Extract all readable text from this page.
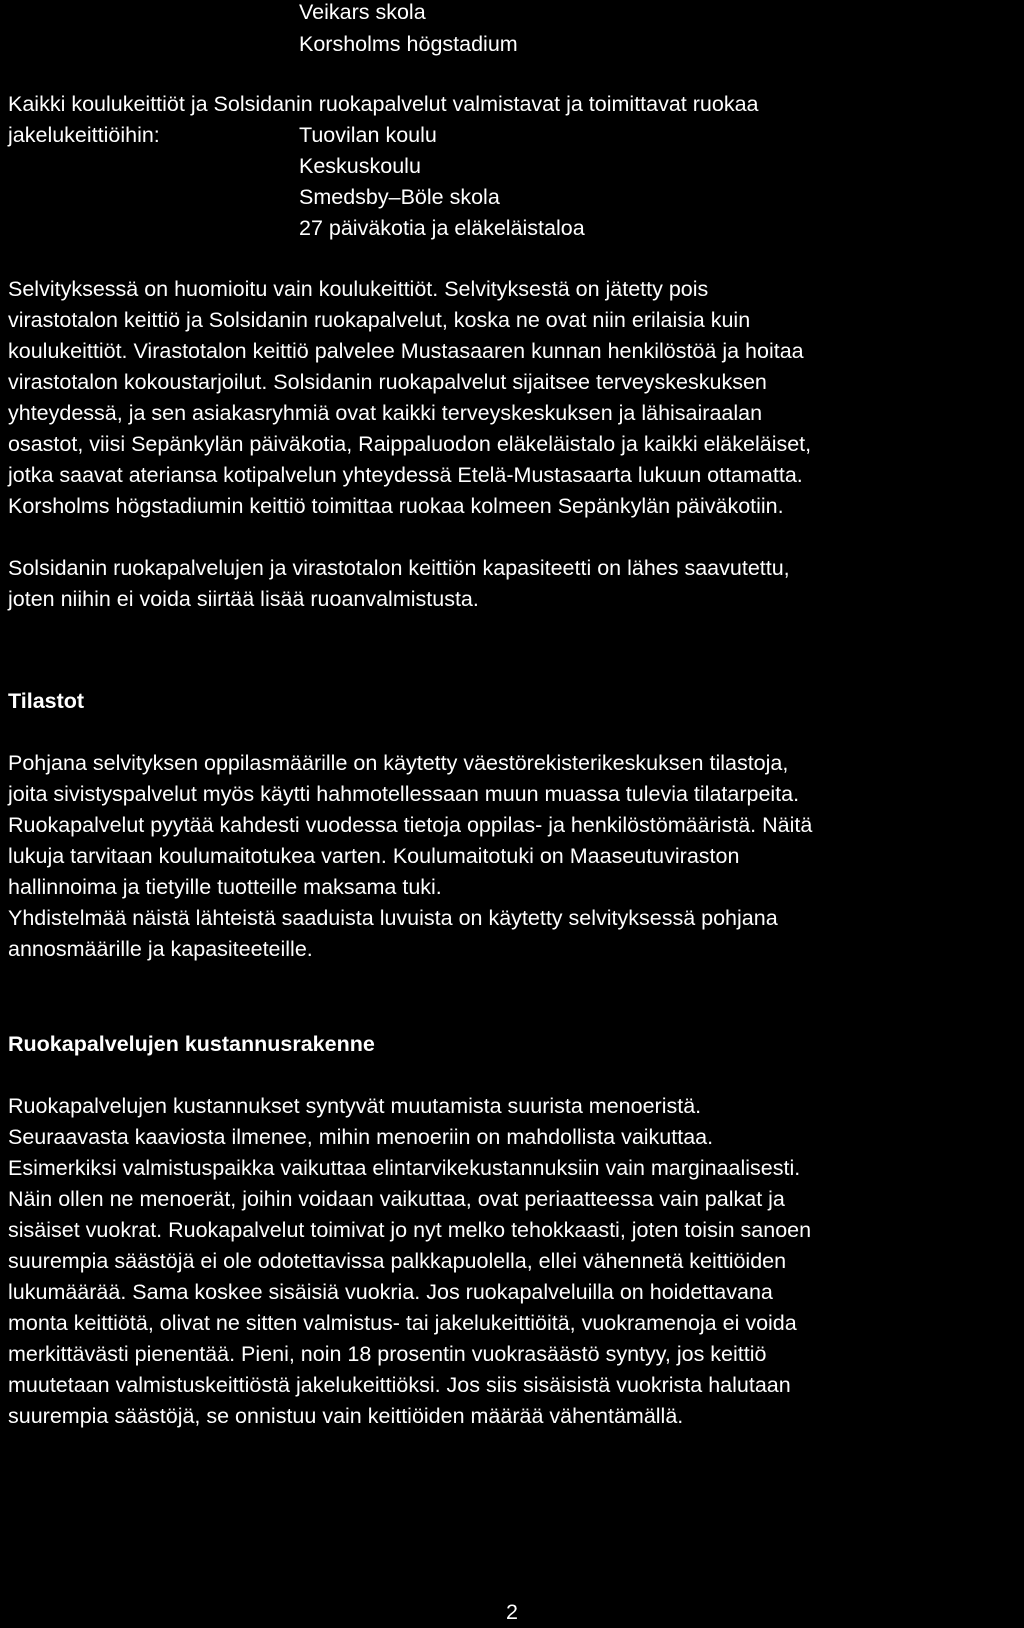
Veikars skola
Korsholms högstadium
Kaikki koulukeittiöt ja Solsidanin ruokapalvelut valmistavat ja toimittavat ruokaa
jakelukeittiöihin:	Tuovilan koulu
Keskuskoulu
Smedsby–Böle skola
27 päiväkotia ja eläkeläistaloa
Selvityksessä on huomioitu vain koulukeittiöt. Selvityksestä on jätetty pois
virastotalon keittiö ja Solsidanin ruokapalvelut, koska ne ovat niin erilaisia kuin
koulukeittiöt. Virastotalon keittiö palvelee Mustasaaren kunnan henkilöstöä ja hoitaa
virastotalon kokoustarjoilut. Solsidanin ruokapalvelut sijaitsee terveyskeskuksen
yhteydessä, ja sen asiakasryhmiä ovat kaikki terveyskeskuksen ja lähisairaalan
osastot, viisi Sepänkylän päiväkotia, Raippaluodon eläkeläistalo ja kaikki eläkeläiset,
jotka saavat ateriansa kotipalvelun yhteydessä Etelä-Mustasaarta lukuun ottamatta.
Korsholms högstadiumin keittiö toimittaa ruokaa kolmeen Sepänkylän päiväkotiin.
Solsidanin ruokapalvelujen ja virastotalon keittiön kapasiteetti on lähes saavutettu,
joten niihin ei voida siirtää lisää ruoanvalmistusta.
Tilastot
Pohjana selvityksen oppilasmäärille on käytetty väestörekisterikeskuksen tilastoja,
joita sivistyspalvelut myös käytti hahmotellessaan muun muassa tulevia tilatarpeita.
Ruokapalvelut pyytää kahdesti vuodessa tietoja oppilas- ja henkilöstömääristä. Näitä
lukuja tarvitaan koulumaitotukea varten. Koulumaitotuki on Maaseutuviraston
hallinnoima ja tietyille tuotteille maksama tuki.
Yhdistelmää näistä lähteistä saaduista luvuista on käytetty selvityksessä pohjana
annosmäärille ja kapasiteeteille.
Ruokapalvelujen kustannusrakenne
Ruokapalvelujen kustannukset syntyvät muutamista suurista menoeristä.
Seuraavasta kaaviosta ilmenee, mihin menoeriin on mahdollista vaikuttaa.
Esimerkiksi valmistuspaikka vaikuttaa elintarvikekustannuksiin vain marginaalisesti.
Näin ollen ne menoerät, joihin voidaan vaikuttaa, ovat periaatteessa vain palkat ja
sisäiset vuokrat. Ruokapalvelut toimivat jo nyt melko tehokkaasti, joten toisin sanoen
suurempia säästöjä ei ole odotettavissa palkkapuolella, ellei vähennetä keittiöiden
lukumäärää. Sama koskee sisäisiä vuokria. Jos ruokapalveluilla on hoidettavana
monta keittiötä, olivat ne sitten valmistus- tai jakelukeittiöitä, vuokramenoja ei voida
merkittävästi pienentää. Pieni, noin 18 prosentin vuokrasäästö syntyy, jos keittiö
muutetaan valmistuskeittiöstä jakelukeittiöksi. Jos siis sisäisistä vuokrista halutaan
suurempia säästöjä, se onnistuu vain keittiöiden määrää vähentämällä.
2
